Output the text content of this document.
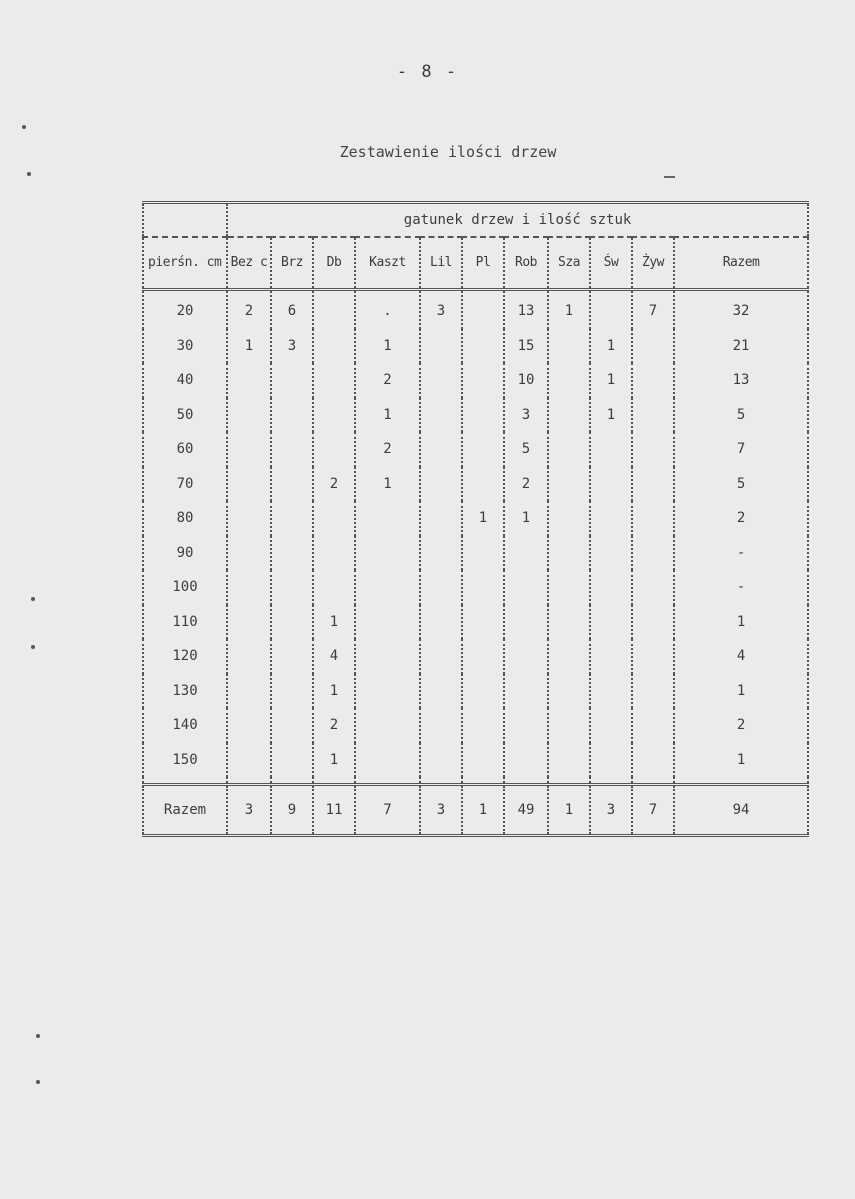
- 8 -
Zestawienie ilości drzew
	gatunek drzew i ilość sztuk										
pierśn. cm	Bez c	Brz	Db	Kaszt	Lil	Pl	Rob	Sza	Św	Żyw	Razem
20	2	6		.	3		13	1		7	32
30	1	3		1			15		1		21
40				2			10		1		13
50				1			3		1		5
60				2			5				7
70			2	1			2				5
80						1	1				2
90											-
100											-
110			1								1
120			4								4
130			1								1
140			2								2
150			1								1

Razem	3	9	11	7	3	1	49	1	3	7	94
